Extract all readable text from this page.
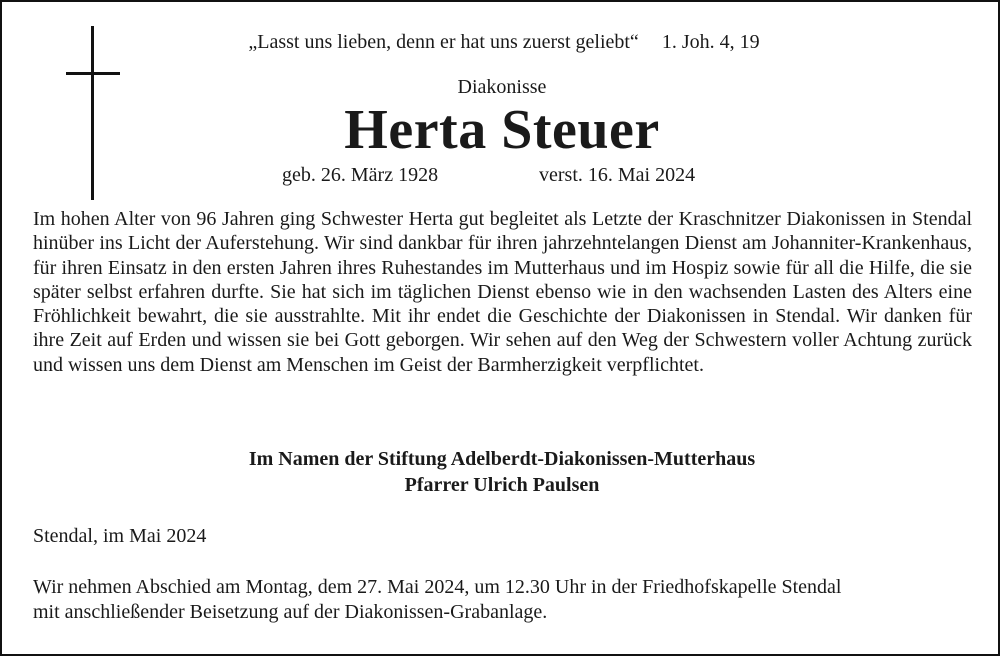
„Lasst uns lieben, denn er hat uns zuerst geliebt“ 1. Joh. 4, 19
Diakonisse
Herta Steuer
geb. 26. März 1928	verst. 16. Mai 2024
Im hohen Alter von 96 Jahren ging Schwester Herta gut begleitet als Letzte der Kraschnitzer Diakonissen in Stendal hinüber ins Licht der Auferstehung. Wir sind dankbar für ihren jahrzehntelangen Dienst am Johanniter-Krankenhaus, für ihren Einsatz in den ersten Jahren ihres Ruhestandes im Mutterhaus und im Hospiz sowie für all die Hilfe, die sie später selbst erfahren durfte. Sie hat sich im täglichen Dienst ebenso wie in den wachsenden Lasten des Alters eine Fröhlichkeit bewahrt, die sie ausstrahlte. Mit ihr endet die Geschichte der Diakonissen in Stendal. Wir danken für ihre Zeit auf Erden und wissen sie bei Gott geborgen. Wir sehen auf den Weg der Schwestern voller Achtung zurück und wissen uns dem Dienst am Menschen im Geist der Barmherzigkeit verpflichtet.
Im Namen der Stiftung Adelberdt-Diakonissen-Mutterhaus
Pfarrer Ulrich Paulsen
Stendal, im Mai 2024

Wir nehmen Abschied am Montag, dem 27. Mai 2024, um 12.30 Uhr in der Friedhofskapelle Stendal

mit anschließender Beisetzung auf der Diakonissen-Grabanlage.
